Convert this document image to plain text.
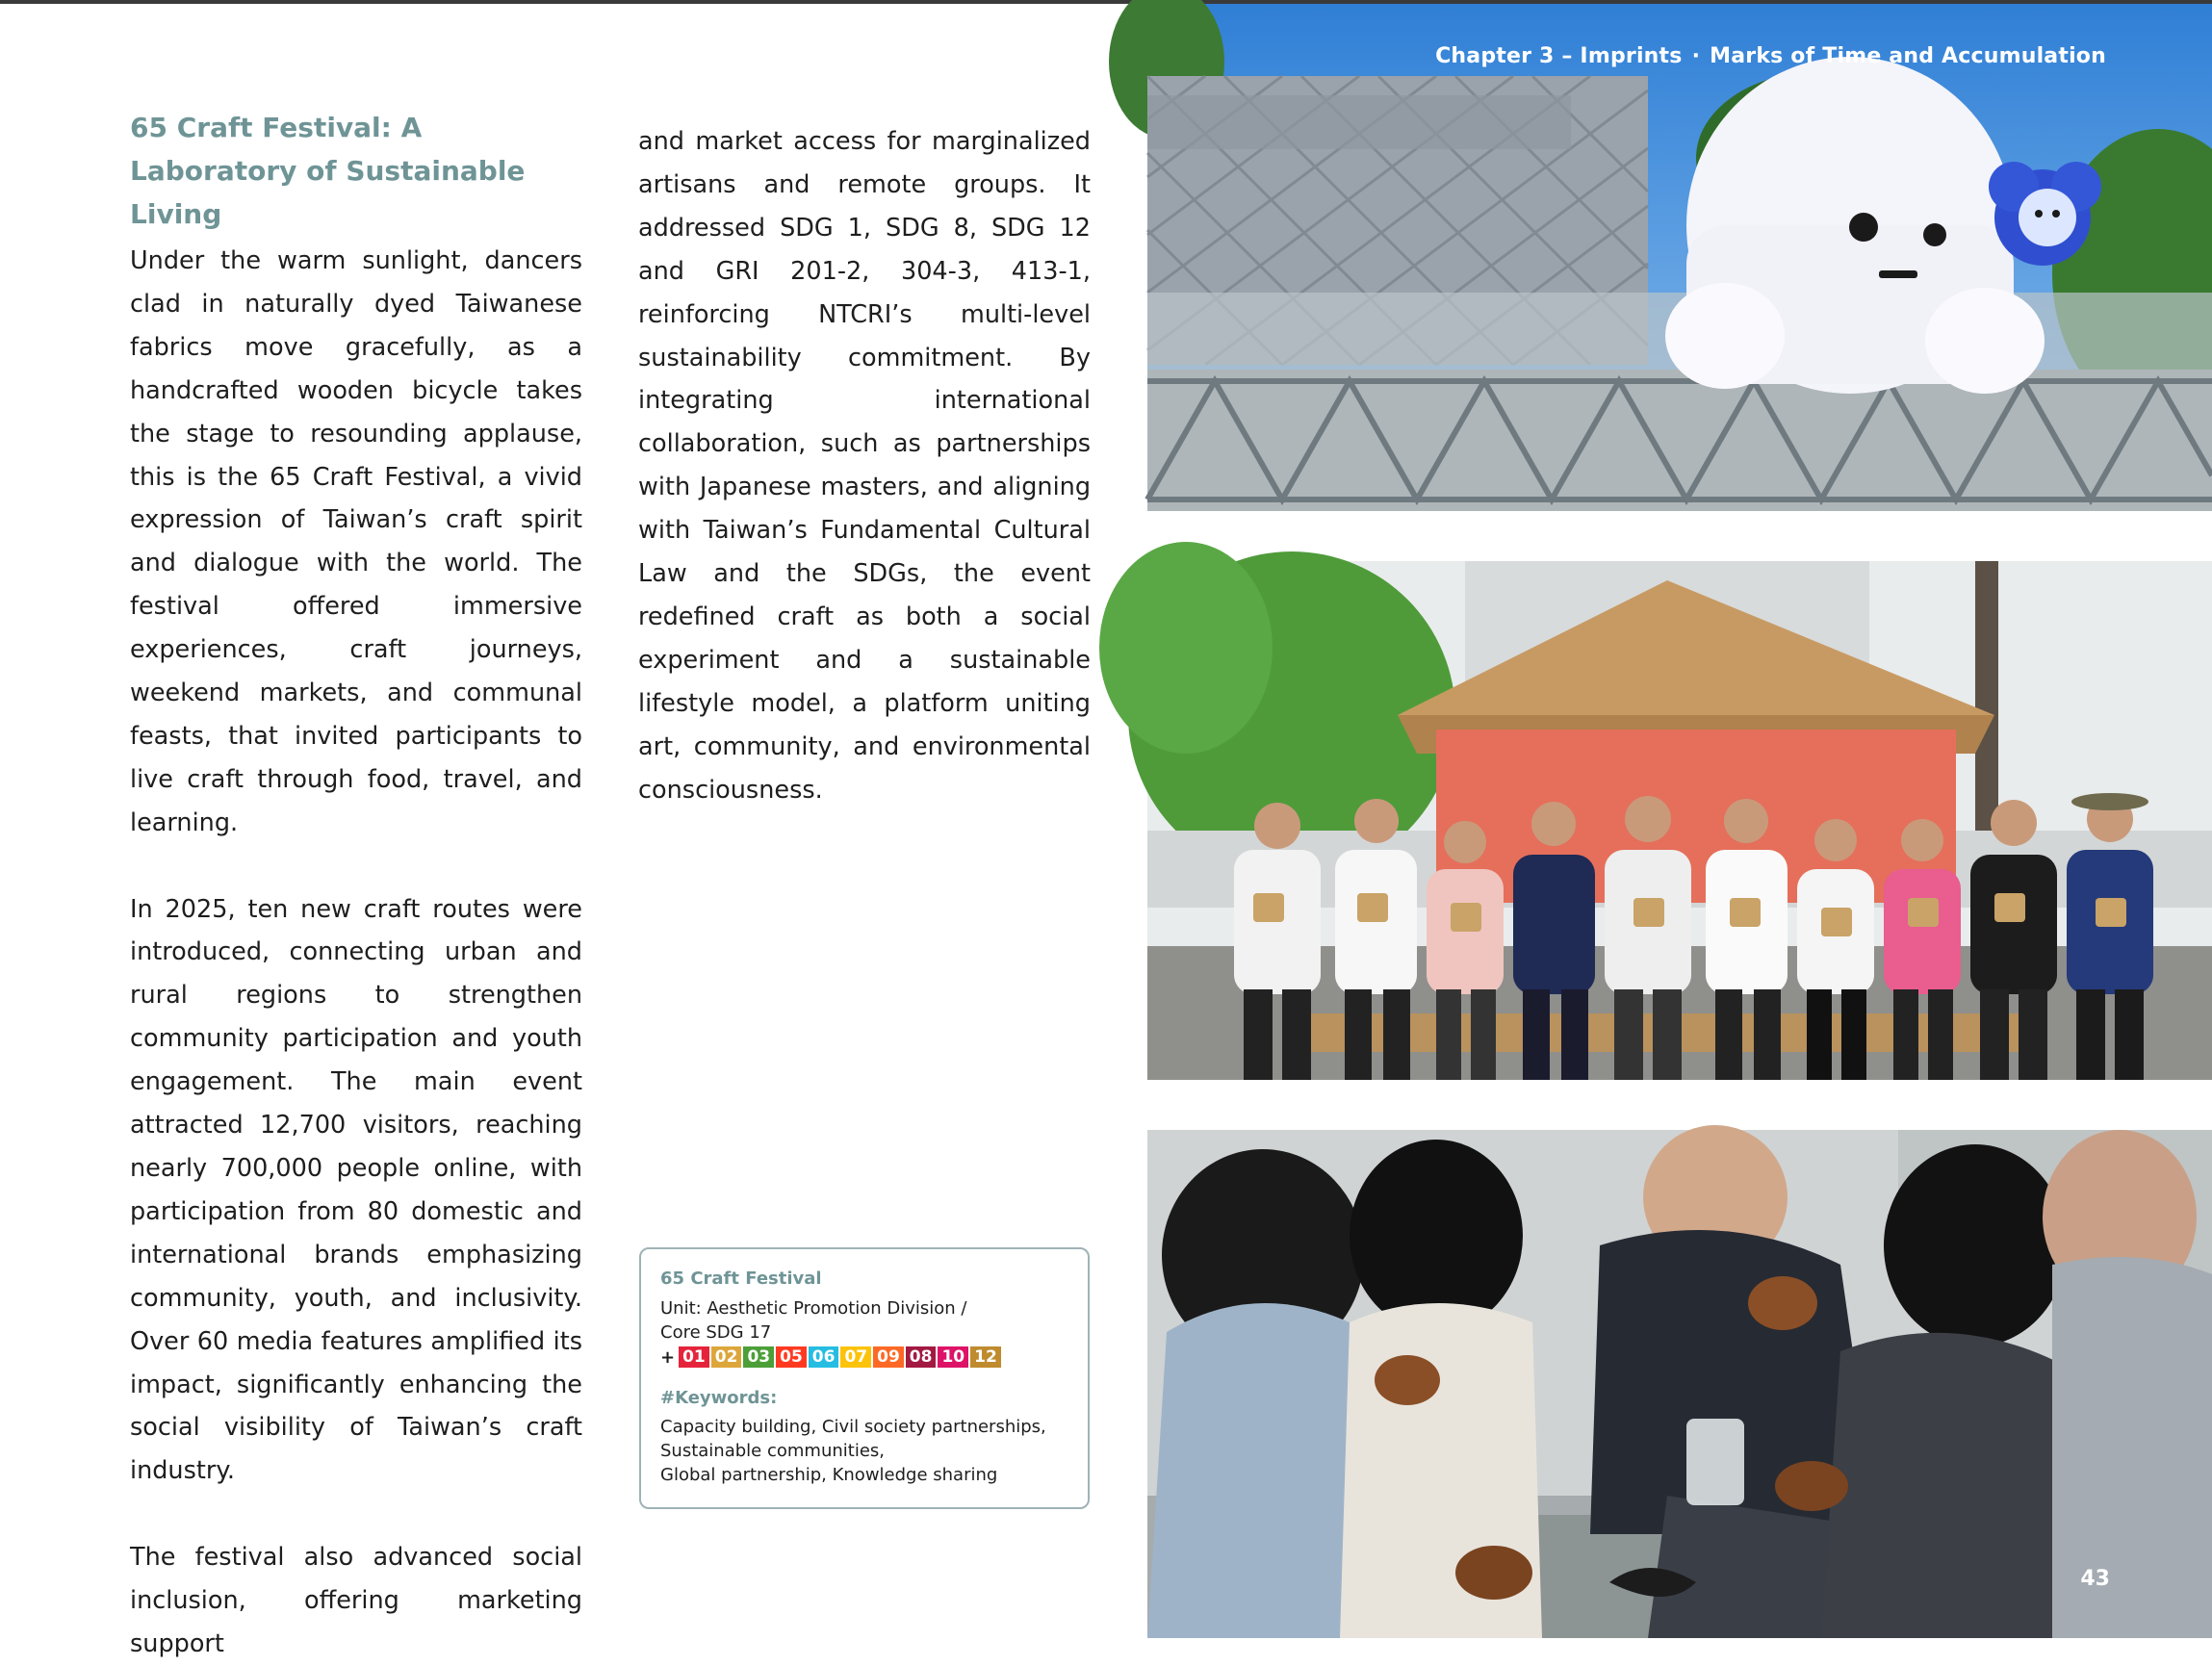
65 Craft Festival: A Laboratory of Sustainable Living

Under the warm sunlight, dancers clad in naturally dyed Taiwanese fabrics move gracefully, as a handcrafted wooden bicycle takes the stage to resounding applause, this is the 65 Craft Festival, a vivid expression of Taiwan’s craft spirit and dialogue with the world. The festival offered immersive experiences, craft journeys, weekend markets, and communal feasts, that invited participants to live craft through food, travel, and learning.

In 2025, ten new craft routes were introduced, connecting urban and rural regions to strengthen community participation and youth engagement. The main event attracted 12,700 visitors, reaching nearly 700,000 people online, with participation from 80 domestic and international brands emphasizing community, youth, and inclusivity. Over 60 media features amplified its impact, significantly enhancing the social visibility of Taiwan’s craft industry.

The festival also advanced social inclusion, offering marketing support

and market access for marginalized artisans and remote groups. It addressed SDG 1, SDG 8, SDG 12 and GRI 201-2, 304-3, 413-1, reinforcing NTCRI’s multi-level sustainability commitment. By integrating international collaboration, such as partnerships with Japanese masters, and aligning with Taiwan’s Fundamental Cultural Law and the SDGs, the event redefined craft as both a social experiment and a sustainable lifestyle model, a platform uniting art, community, and environmental consciousness.

65 Craft Festival
Unit: Aesthetic Promotion Division /
Core SDG 17
+ 01 02 03 05 06 07 09 08 10 12
#Keywords:
Capacity building, Civil society partnerships,
Sustainable communities,
Global partnership, Knowledge sharing
Chapter 3 – Imprints · Marks of Time and Accumulation
43
